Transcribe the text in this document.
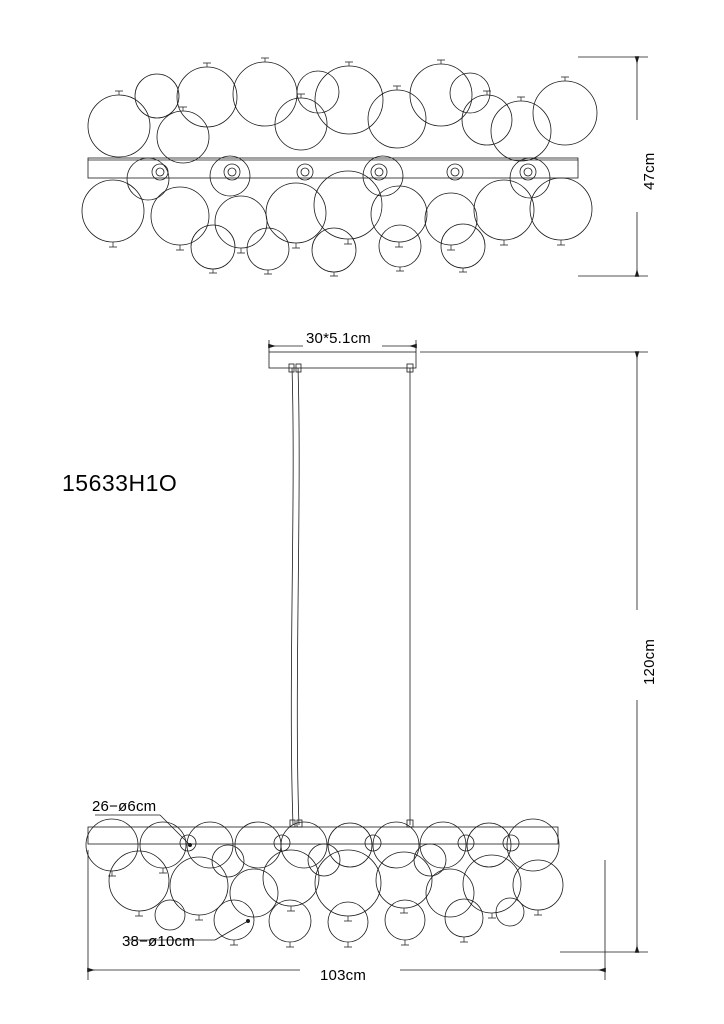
15633H1O
47cm
30*5.1cm
120cm
103cm
26−ø6cm
38−ø10cm
